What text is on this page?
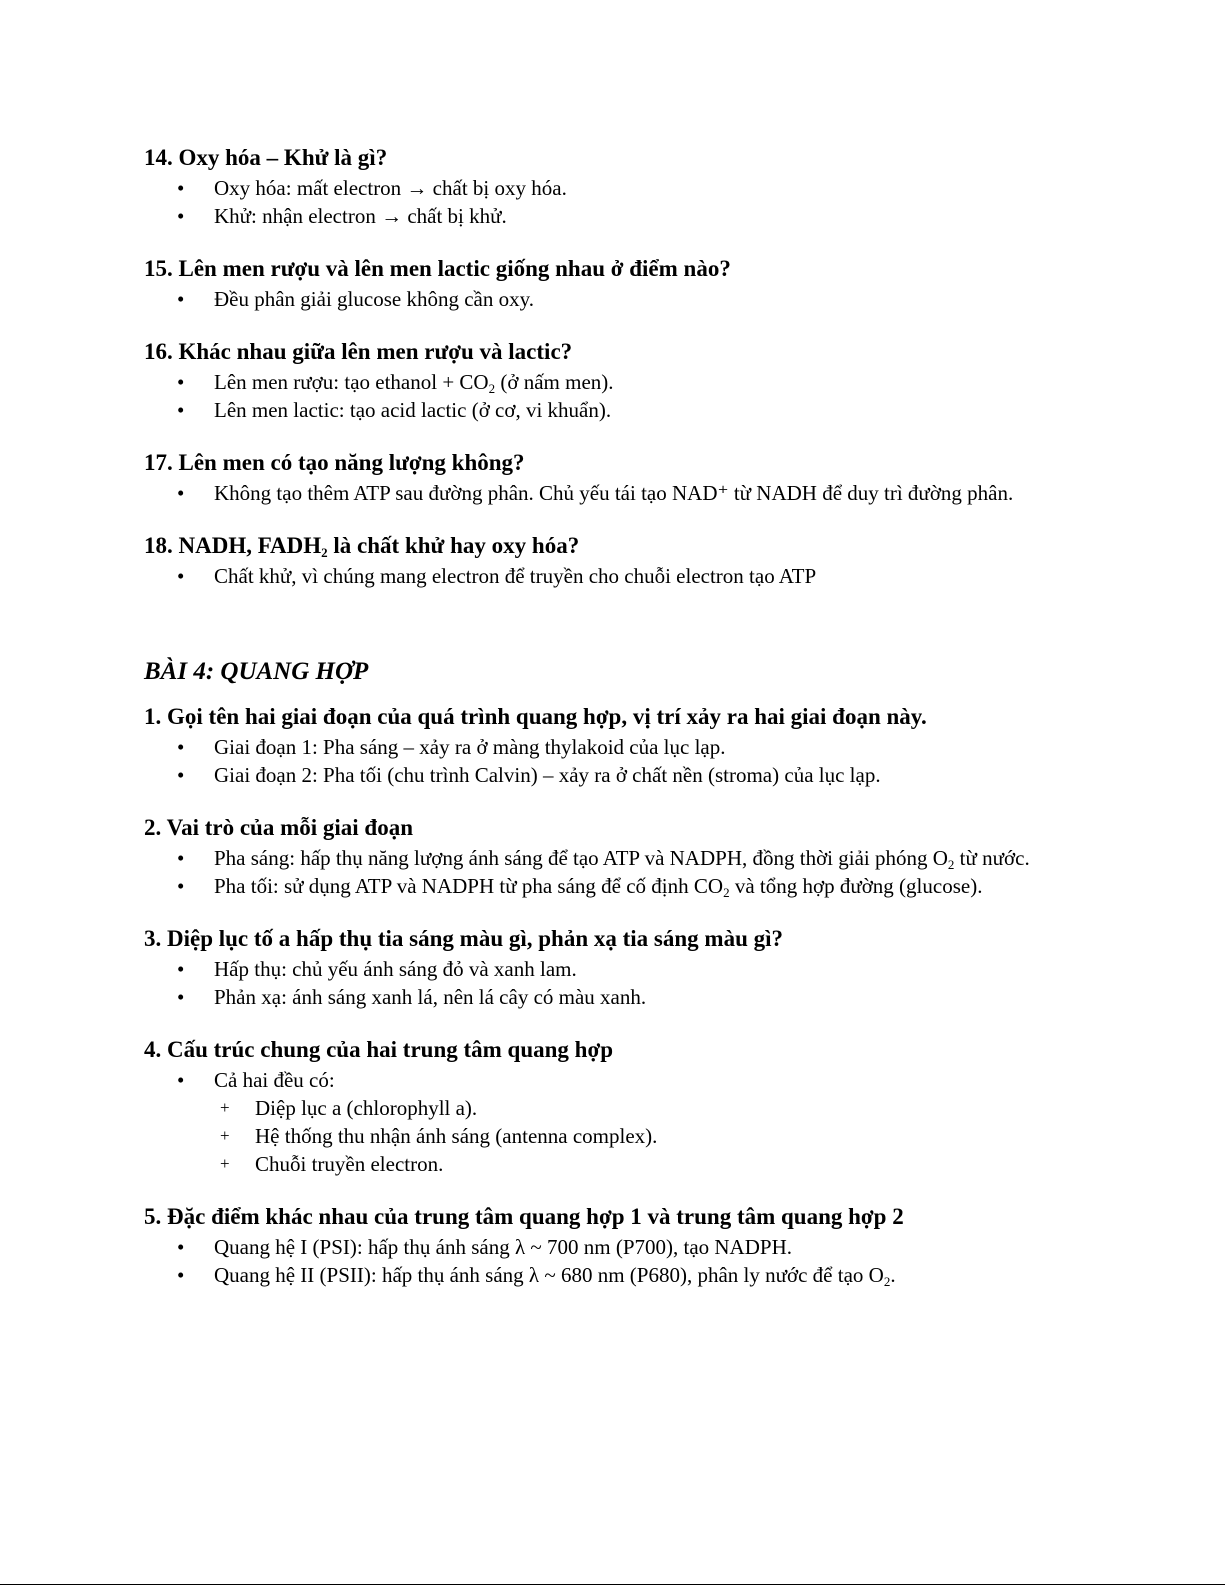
14. Oxy hóa – Khử là gì?
• Oxy hóa: mất electron → chất bị oxy hóa.
• Khử: nhận electron → chất bị khử.
15. Lên men rượu và lên men lactic giống nhau ở điểm nào?
• Đều phân giải glucose không cần oxy.
16. Khác nhau giữa lên men rượu và lactic?
• Lên men rượu: tạo ethanol + $CO_2$ (ở nấm men).
• Lên men lactic: tạo acid lactic (ở cơ, vi khuẩn).
17. Lên men có tạo năng lượng không?
• Không tạo thêm ATP sau đường phân. Chủ yếu tái tạo NAD⁺ từ NADH để duy trì đường phân.
18. NADH, $FADH_2$ là chất khử hay oxy hóa?
• Chất khử, vì chúng mang electron để truyền cho chuỗi electron tạo ATP
BÀI 4: QUANG HỢP
1. Gọi tên hai giai đoạn của quá trình quang hợp, vị trí xảy ra hai giai đoạn này.
• Giai đoạn 1: Pha sáng – xảy ra ở màng thylakoid của lục lạp.
• Giai đoạn 2: Pha tối (chu trình Calvin) – xảy ra ở chất nền (stroma) của lục lạp.
2. Vai trò của mỗi giai đoạn
• Pha sáng: hấp thụ năng lượng ánh sáng để tạo ATP và NADPH, đồng thời giải phóng $O_2$ từ nước.
• Pha tối: sử dụng ATP và NADPH từ pha sáng để cố định $CO_2$ và tổng hợp đường (glucose).
3. Diệp lục tố a hấp thụ tia sáng màu gì, phản xạ tia sáng màu gì?
• Hấp thụ: chủ yếu ánh sáng đỏ và xanh lam.
• Phản xạ: ánh sáng xanh lá, nên lá cây có màu xanh.
4. Cấu trúc chung của hai trung tâm quang hợp
• Cả hai đều có:
+ Diệp lục a (chlorophyll a).
+ Hệ thống thu nhận ánh sáng (antenna complex).
+ Chuỗi truyền electron.
5. Đặc điểm khác nhau của trung tâm quang hợp 1 và trung tâm quang hợp 2
• Quang hệ I (PSI): hấp thụ ánh sáng λ ~ 700 nm (P700), tạo NADPH.
• Quang hệ II (PSII): hấp thụ ánh sáng λ ~ 680 nm (P680), phân ly nước để tạo $O_2$.
